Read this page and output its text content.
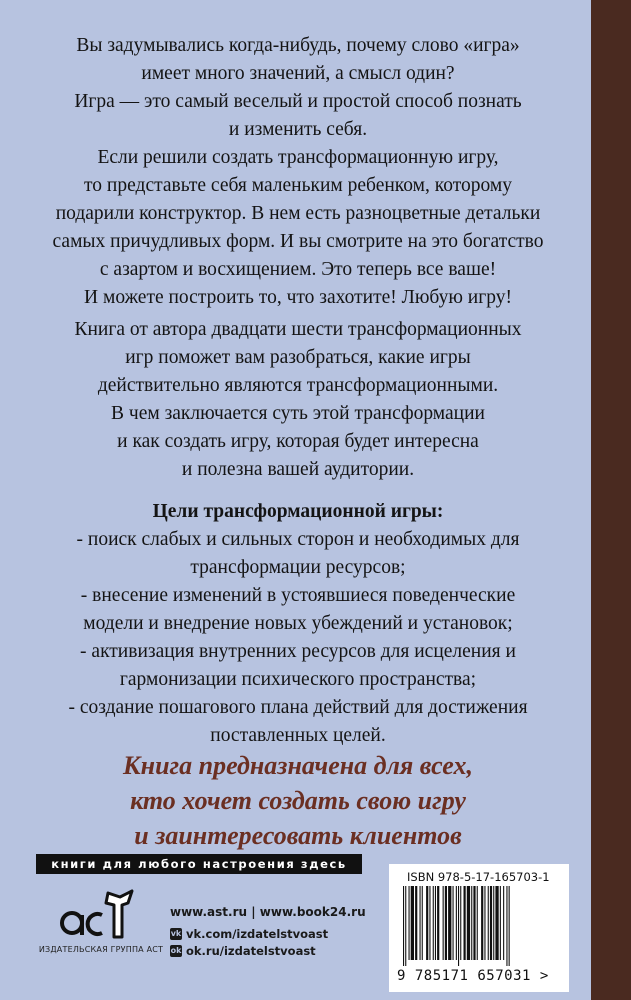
Вы задумывались когда-нибудь, почему слово «игра»

имеет много значений, а смысл один?

Игра — это самый веселый и простой способ познать

и изменить себя.

Если решили создать трансформационную игру,

то представьте себя маленьким ребенком, которому

подарили конструктор. В нем есть разноцветные детальки

самых причудливых форм. И вы смотрите на это богатство

с азартом и восхищением. Это теперь все ваше!

И можете построить то, что захотите! Любую игру!

Книга от автора двадцати шести трансформационных
игр поможет вам разобраться, какие игры
действительно являются трансформационными.
В чем заключается суть этой трансформации
и как создать игру, которая будет интересна
и полезна вашей аудитории.

Цели трансформационной игры:

- поиск слабых и сильных сторон и необходимых для
трансформации ресурсов;
- внесение изменений в устоявшиеся поведенческие
модели и внедрение новых убеждений и установок;
- активизация внутренних ресурсов для исцеления и
гармонизации психического пространства;
- создание пошагового плана действий для достижения
поставленных целей.
Книга предназначена для всех,
кто хочет создать свою игру
и заинтересовать клиентов
книги для любого настроения здесь
ИЗДАТЕЛЬСКАЯ ГРУППА АСТ
www.ast.ru | www.book24.ru
vk vk.com/izdatelstvoast
ok ok.ru/izdatelstvoast
ISBN 978-5-17-165703-1
9 785171 657031 >
